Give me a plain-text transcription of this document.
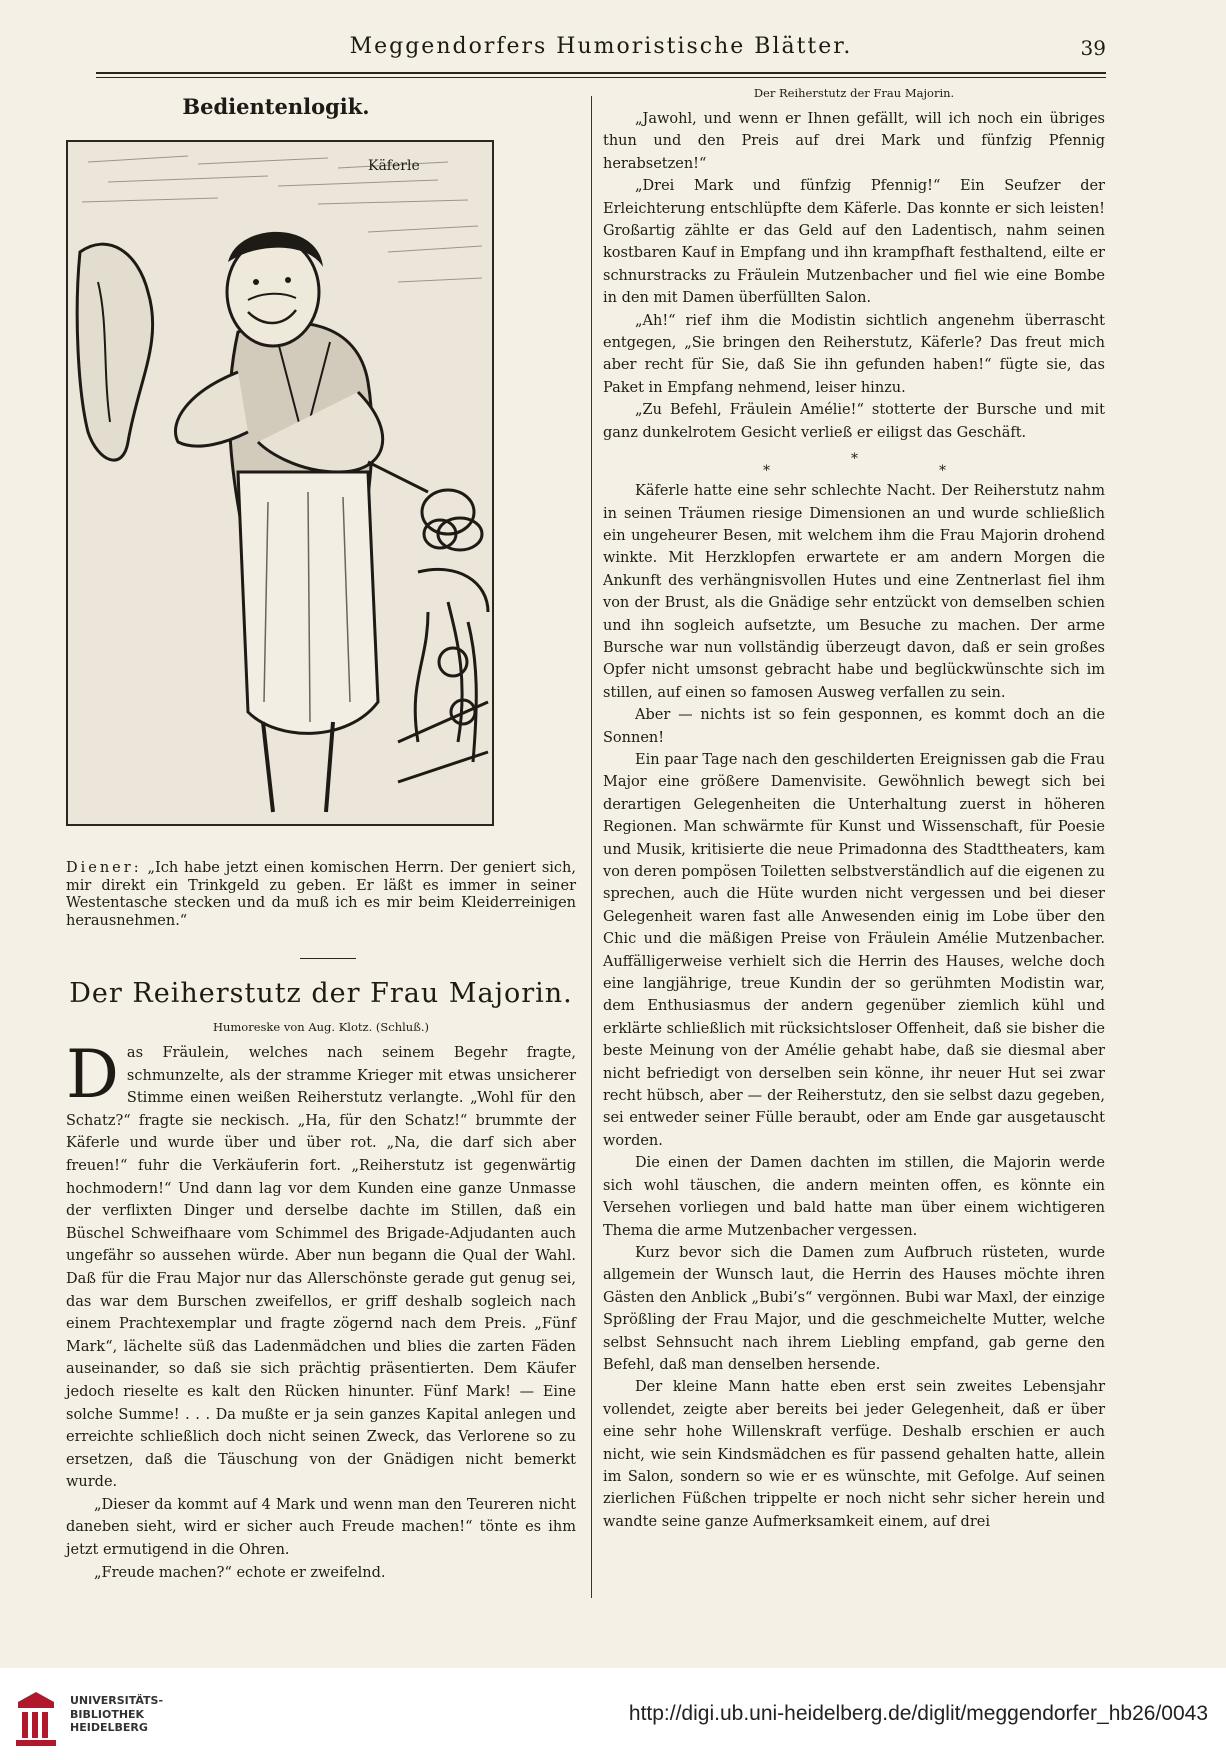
Meggendorfers Humoristische Blätter.	39
Bedientenlogik.
Käferle
Diener: „Ich habe jetzt einen komischen Herrn. Der geniert sich, mir direkt ein Trinkgeld zu geben. Er läßt es immer in seiner Westentasche stecken und da muß ich es mir beim Kleiderreinigen herausnehmen.“
Der Reiherstutz der Frau Majorin.
Humoreske von Aug. Klotz. (Schluß.)

Das Fräulein, welches nach seinem Begehr fragte, schmunzelte, als der stramme Krieger mit etwas unsicherer Stimme einen weißen Reiherstutz verlangte. „Wohl für den Schatz?“ fragte sie neckisch. „Ha, für den Schatz!“ brummte der Käferle und wurde über und über rot. „Na, die darf sich aber freuen!“ fuhr die Verkäuferin fort. „Reiherstutz ist gegenwärtig hochmodern!“ Und dann lag vor dem Kunden eine ganze Unmasse der verflixten Dinger und derselbe dachte im Stillen, daß ein Büschel Schweifhaare vom Schimmel des Brigade-Adjudanten auch ungefähr so aussehen würde. Aber nun begann die Qual der Wahl. Daß für die Frau Major nur das Allerschönste gerade gut genug sei, das war dem Burschen zweifellos, er griff deshalb sogleich nach einem Prachtexemplar und fragte zögernd nach dem Preis. „Fünf Mark“, lächelte süß das Ladenmädchen und blies die zarten Fäden auseinander, so daß sie sich prächtig präsentierten. Dem Käufer jedoch rieselte es kalt den Rücken hinunter. Fünf Mark! — Eine solche Summe! . . . Da mußte er ja sein ganzes Kapital anlegen und erreichte schließlich doch nicht seinen Zweck, das Verlorene so zu ersetzen, daß die Täuschung von der Gnädigen nicht bemerkt wurde.

„Dieser da kommt auf 4 Mark und wenn man den Teureren nicht daneben sieht, wird er sicher auch Freude machen!“ tönte es ihm jetzt ermutigend in die Ohren.

„Freude machen?“ echote er zweifelnd.

Der Reiherstutz der Frau Majorin.

„Jawohl, und wenn er Ihnen gefällt, will ich noch ein übriges thun und den Preis auf drei Mark und fünfzig Pfennig herabsetzen!“

„Drei Mark und fünfzig Pfennig!“ Ein Seufzer der Erleichterung entschlüpfte dem Käferle. Das konnte er sich leisten! Großartig zählte er das Geld auf den Ladentisch, nahm seinen kostbaren Kauf in Empfang und ihn krampfhaft festhaltend, eilte er schnurstracks zu Fräulein Mutzenbacher und fiel wie eine Bombe in den mit Damen überfüllten Salon.

„Ah!“ rief ihm die Modistin sichtlich angenehm überrascht entgegen, „Sie bringen den Reiherstutz, Käferle? Das freut mich aber recht für Sie, daß Sie ihn gefunden haben!“ fügte sie, das Paket in Empfang nehmend, leiser hinzu.

„Zu Befehl, Fräulein Amélie!“ stotterte der Bursche und mit ganz dunkelrotem Gesicht verließ er eiligst das Geschäft.

*
*
*

Käferle hatte eine sehr schlechte Nacht. Der Reiherstutz nahm in seinen Träumen riesige Dimensionen an und wurde schließlich ein ungeheurer Besen, mit welchem ihm die Frau Majorin drohend winkte. Mit Herzklopfen erwartete er am andern Morgen die Ankunft des verhängnisvollen Hutes und eine Zentnerlast fiel ihm von der Brust, als die Gnädige sehr entzückt von demselben schien und ihn sogleich aufsetzte, um Besuche zu machen. Der arme Bursche war nun vollständig überzeugt davon, daß er sein großes Opfer nicht umsonst gebracht habe und beglückwünschte sich im stillen, auf einen so famosen Ausweg verfallen zu sein.

Aber — nichts ist so fein gesponnen, es kommt doch an die Sonnen!

Ein paar Tage nach den geschilderten Ereignissen gab die Frau Major eine größere Damenvisite. Gewöhnlich bewegt sich bei derartigen Gelegenheiten die Unterhaltung zuerst in höheren Regionen. Man schwärmte für Kunst und Wissenschaft, für Poesie und Musik, kritisierte die neue Primadonna des Stadttheaters, kam von deren pompösen Toiletten selbstverständlich auf die eigenen zu sprechen, auch die Hüte wurden nicht vergessen und bei dieser Gelegenheit waren fast alle Anwesenden einig im Lobe über den Chic und die mäßigen Preise von Fräulein Amélie Mutzenbacher. Auffälligerweise verhielt sich die Herrin des Hauses, welche doch eine langjährige, treue Kundin der so gerühmten Modistin war, dem Enthusiasmus der andern gegenüber ziemlich kühl und erklärte schließlich mit rücksichtsloser Offenheit, daß sie bisher die beste Meinung von der Amélie gehabt habe, daß sie diesmal aber nicht befriedigt von derselben sein könne, ihr neuer Hut sei zwar recht hübsch, aber — der Reiherstutz, den sie selbst dazu gegeben, sei entweder seiner Fülle beraubt, oder am Ende gar ausgetauscht worden.

Die einen der Damen dachten im stillen, die Majorin werde sich wohl täuschen, die andern meinten offen, es könnte ein Versehen vorliegen und bald hatte man über einem wichtigeren Thema die arme Mutzenbacher vergessen.

Kurz bevor sich die Damen zum Aufbruch rüsteten, wurde allgemein der Wunsch laut, die Herrin des Hauses möchte ihren Gästen den Anblick „Bubi’s“ vergönnen. Bubi war Maxl, der einzige Sprößling der Frau Major, und die geschmeichelte Mutter, welche selbst Sehnsucht nach ihrem Liebling empfand, gab gerne den Befehl, daß man denselben hersende.

Der kleine Mann hatte eben erst sein zweites Lebensjahr vollendet, zeigte aber bereits bei jeder Gelegenheit, daß er über eine sehr hohe Willenskraft verfüge. Deshalb erschien er auch nicht, wie sein Kindsmädchen es für passend gehalten hatte, allein im Salon, sondern so wie er es wünschte, mit Gefolge. Auf seinen zierlichen Füßchen trippelte er noch nicht sehr sicher herein und wandte seine ganze Aufmerksamkeit einem, auf drei

UNIVERSITÄTS-
BIBLIOTHEK
HEIDELBERG
http://digi.ub.uni-heidelberg.de/diglit/meggendorfer_hb26/0043
